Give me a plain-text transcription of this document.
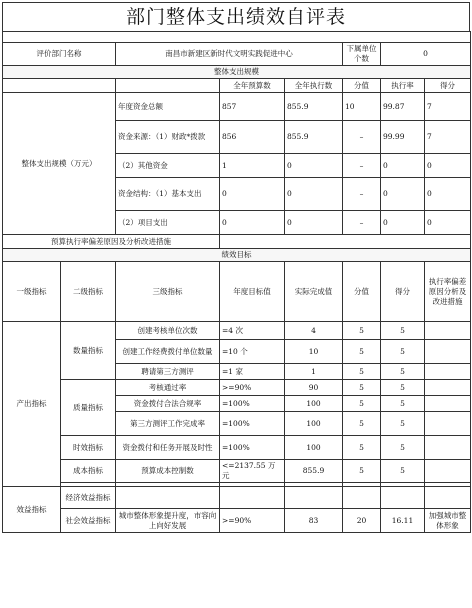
部门整体支出绩效自评表

评价部门名称		南昌市新建区新时代文明实践促进中心			下属单位个数	0	
整体支出规模							
			全年预算数	全年执行数	分值	执行率	得分
整体支出规模（万元）		年度资金总额	857	855.9	10	99.87	7
		资金来源：（1）财政*拨款	856	855.9	–	99.99	7
		（2）其他资金	1	0	–	0	0
		资金结构：（1）基本支出	0	0	–	0	0
		（2）项目支出	0	0	–	0	0
预算执行率偏差原因及分析改进措施							
绩效目标							
一级指标	二级指标	三级指标	年度目标值	实际完成值	分值	得分	执行率偏差原因分析及改进措施
产出指标	数量指标	创建考核单位次数	=4 次	4	5	5	
		创建工作经费拨付单位数量	=10 个	10	5	5	
		聘请第三方测评	=1 家	1	5	5	
	质量指标	考核通过率	>=90%	90	5	5	
		资金拨付合法合规率	=100%	100	5	5	
		第三方测评工作完成率	=100%	100	5	5	
	时效指标	资金拨付和任务开展及时性	=100%	100	5	5	
	成本指标	预算成本控制数	<=2137.55 万元	855.9	5	5	

效益指标	经济效益指标						
	社会效益指标	城市整体形象提升度，市容向上向好发展	>=90%	83	20	16.11	加强城市整体形象
